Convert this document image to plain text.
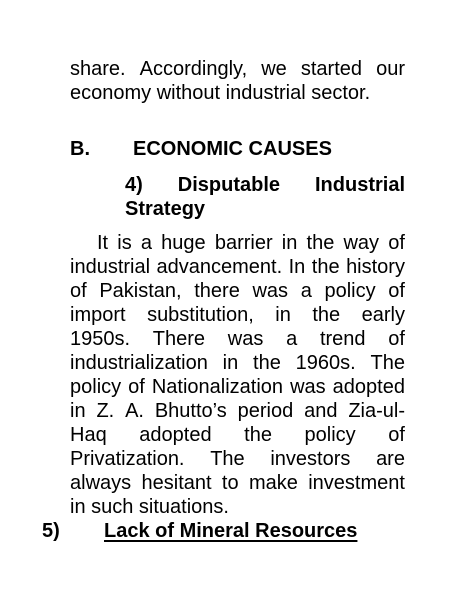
share. Accordingly, we started our
economy without industrial sector.
B. ECONOMIC CAUSES
4) Disputable Industrial
Strategy
It is a huge barrier in the way of
industrial advancement. In the history
of Pakistan, there was a policy of
import substitution, in the early
1950s. There was a trend of
industrialization in the 1960s. The
policy of Nationalization was adopted
in Z. A. Bhutto’s period and Zia-ul-
Haq adopted the policy of
Privatization. The investors are
always hesitant to make investment
in such situations.
5) Lack of Mineral Resources
